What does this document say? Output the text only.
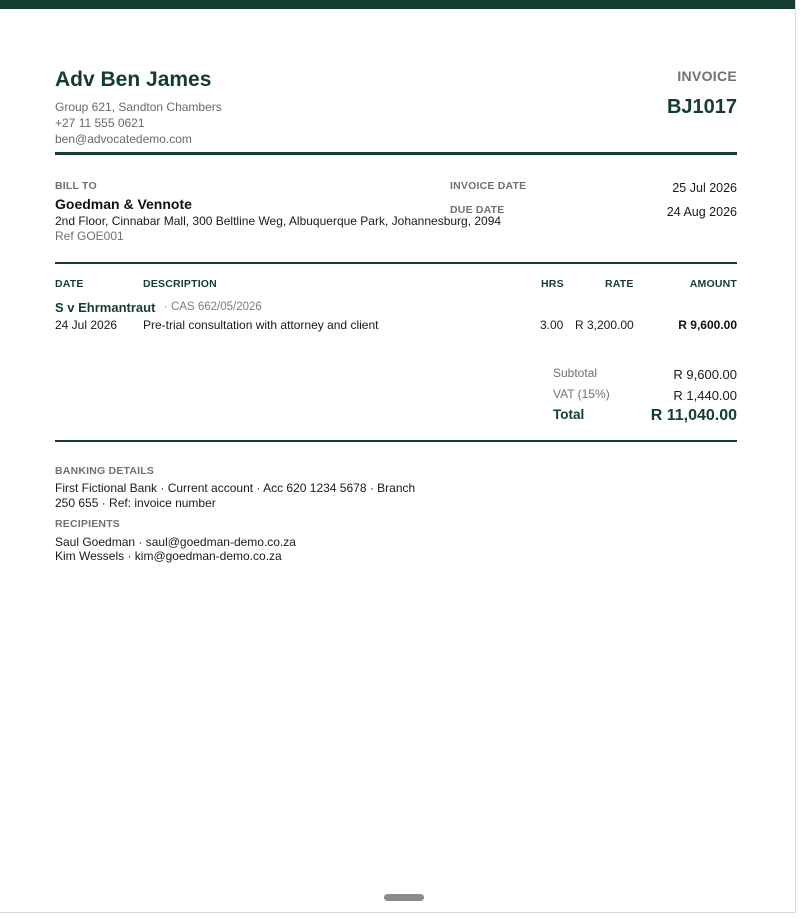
Adv Ben James
Group 621, Sandton Chambers
+27 11 555 0621
ben@advocatedemo.com
INVOICE
BJ1017
BILL TO
Goedman & Vennote
2nd Floor, Cinnabar Mall, 300 Beltline Weg, Albuquerque Park, Johannesburg, 2094
Ref GOE001
INVOICE DATE	25 Jul 2026
DUE DATE	24 Aug 2026
DATE	DESCRIPTION	HRS	RATE	AMOUNT
S v Ehrmantraut · CAS 662/05/2026
24 Jul 2026 Pre-trial consultation with attorney and client	3.00 R 3,200.00	R 9,600.00
Subtotal	R 9,600.00
VAT (15%)	R 1,440.00
Total	R 11,040.00
BANKING DETAILS
First Fictional Bank · Current account · Acc 620 1234 5678 · Branch 250 655 · Ref: invoice number
RECIPIENTS
Saul Goedman · saul@goedman-demo.co.za
Kim Wessels · kim@goedman-demo.co.za
